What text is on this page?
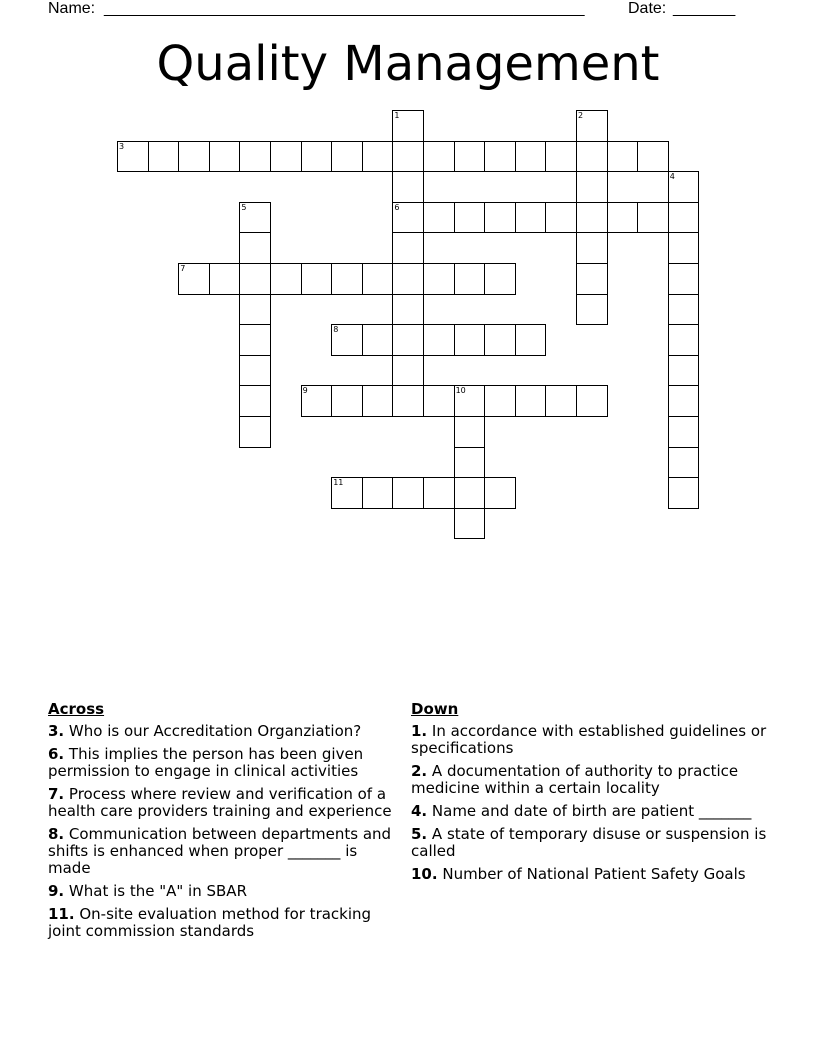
Name: ______________________________________________________	Date: _______
Quality Management
1
6
2
3
4
5
7
8
9	10
11
Across
3. Who is our Accreditation Organziation?
6. This implies the person has been given permission to engage in clinical activities
7. Process where review and verification of a health care providers training and experience
8. Communication between departments and shifts is enhanced when proper _______ is made
9. What is the "A" in SBAR
11. On-site evaluation method for tracking joint commission standards
Down
1. In accordance with established guidelines or specifications
2. A documentation of authority to practice medicine within a certain locality
4. Name and date of birth are patient _______
5. A state of temporary disuse or suspension is called
10. Number of National Patient Safety Goals
